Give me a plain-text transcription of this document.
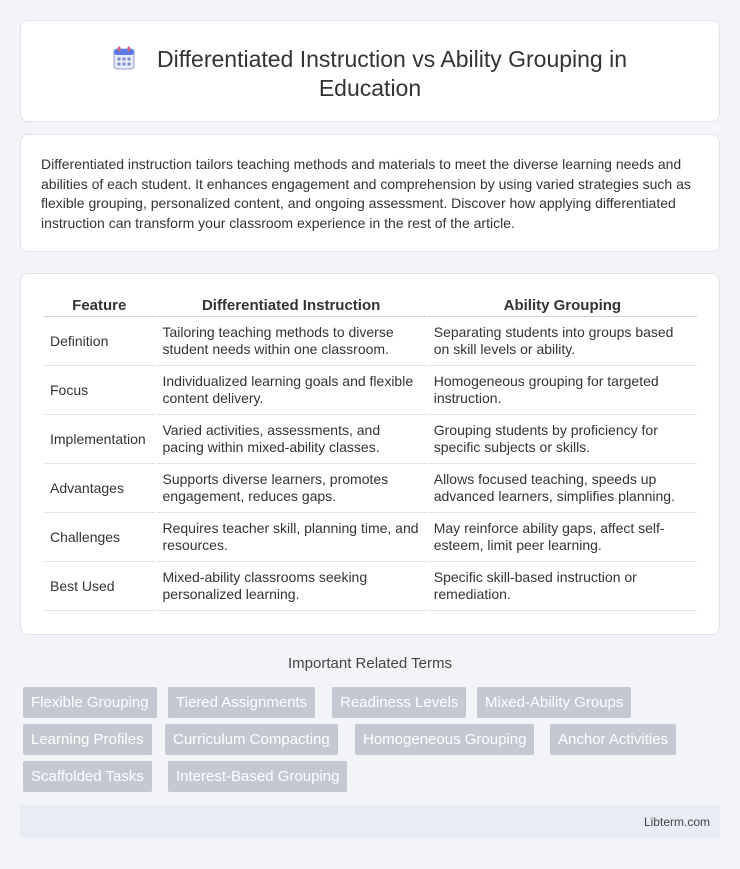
Differentiated Instruction vs Ability Grouping in
Education

Differentiated instruction tailors teaching methods and materials to meet the diverse learning needs and abilities of each student. It enhances engagement and comprehension by using varied strategies such as flexible grouping, personalized content, and ongoing assessment. Discover how applying differentiated instruction can transform your classroom experience in the rest of the article.

Feature	Differentiated Instruction	Ability Grouping
Definition	Tailoring teaching methods to diverse student needs within one classroom.	Separating students into groups based on skill levels or ability.
Focus	Individualized learning goals and flexible content delivery.	Homogeneous grouping for targeted instruction.
Implementation	Varied activities, assessments, and pacing within mixed-ability classes.	Grouping students by proficiency for specific subjects or skills.
Advantages	Supports diverse learners, promotes engagement, reduces gaps.	Allows focused teaching, speeds up advanced learners, simplifies planning.
Challenges	Requires teacher skill, planning time, and resources.	May reinforce ability gaps, affect self-esteem, limit peer learning.
Best Used	Mixed-ability classrooms seeking personalized learning.	Specific skill-based instruction or remediation.
Important Related Terms
Flexible Grouping	Tiered Assignments	Readiness Levels	Mixed-Ability Groups
Learning Profiles	Curriculum Compacting	Homogeneous Grouping	Anchor Activities
Scaffolded Tasks	Interest-Based Grouping
Libterm.com
